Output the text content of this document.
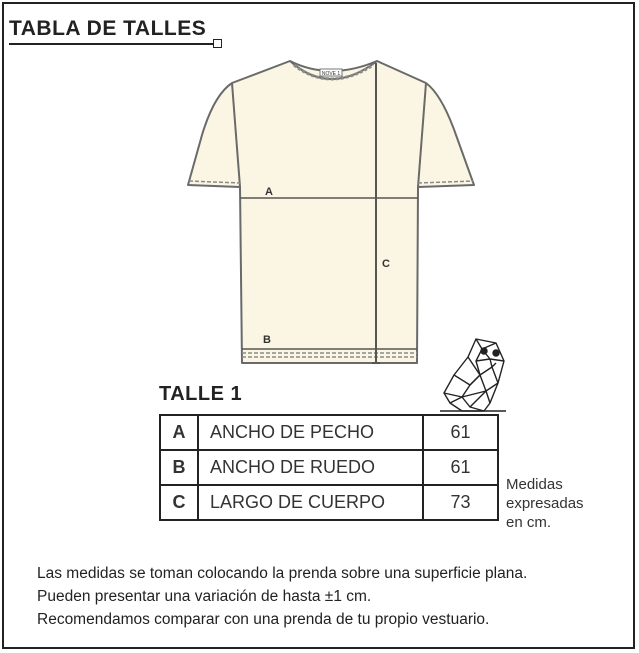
TABLA DE TALLES
NOVE 1
A
B
C
TALLE 1
A	ANCHO DE PECHO	61
B	ANCHO DE RUEDO	61
C	LARGO DE CUERPO	73
Medidas
expresadas
en cm.
Las medidas se toman colocando la prenda sobre una superficie plana.
Pueden presentar una variación de hasta ±1 cm.
Recomendamos comparar con una prenda de tu propio vestuario.
